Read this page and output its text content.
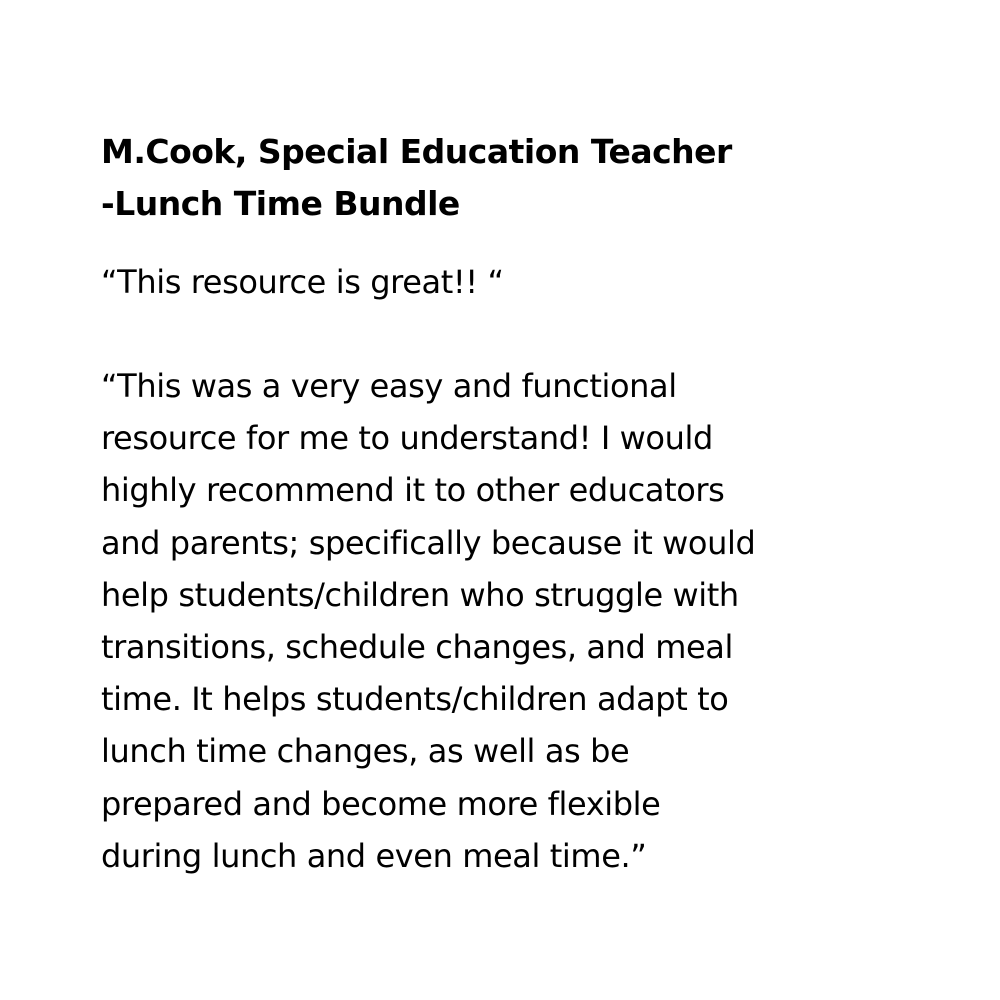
M.Cook, Special Education Teacher
-Lunch Time Bundle

“This resource is great!! “

“This was a very easy and functional
resource for me to understand! I would
highly recommend it to other educators
and parents; specifically because it would
help students/children who struggle with
transitions, schedule changes, and meal
time. It helps students/children adapt to
lunch time changes, as well as be
prepared and become more flexible
during lunch and even meal time.”
